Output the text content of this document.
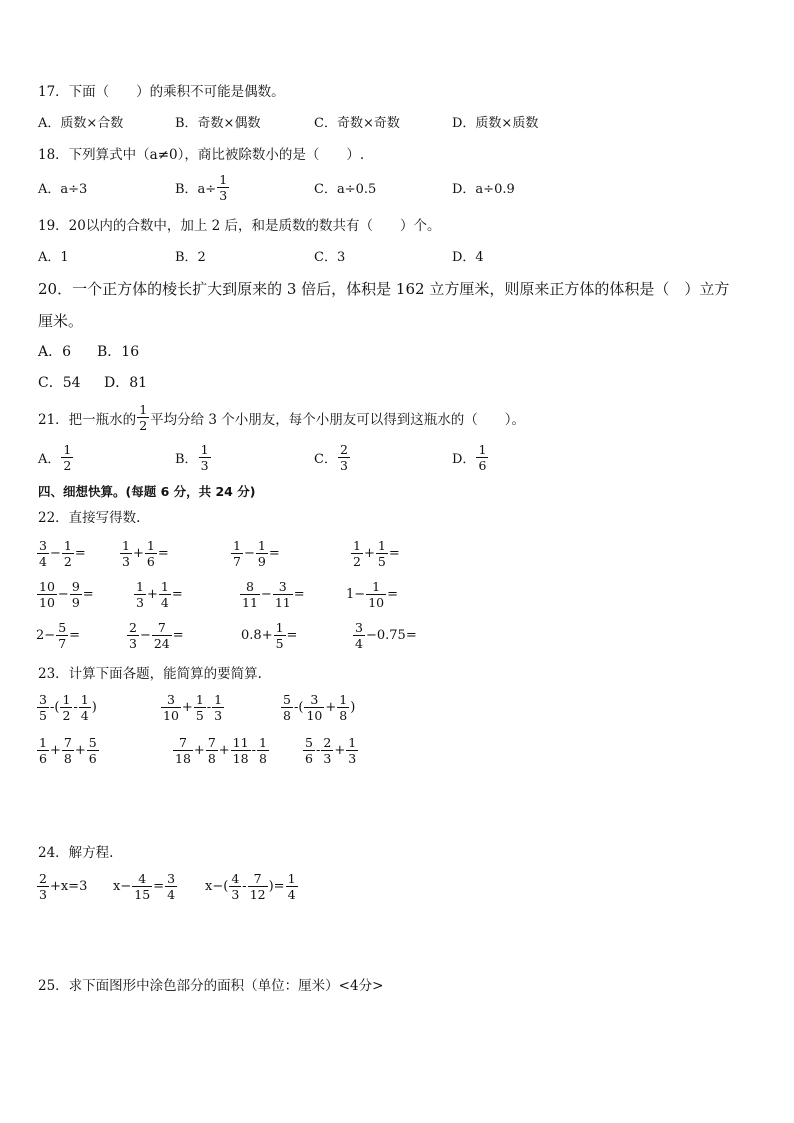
17．下面（　　）的乘积不可能是偶数。
A．质数×合数	B．奇数×偶数	C．奇数×奇数	D．质数×质数
18．下列算式中（a≠0），商比被除数小的是（　　）.
A．a÷3	B．$a\div \frac{1}{3}$	C．a÷0.5	D．a÷0.9
19．20以内的合数中，加上 2 后，和是质数的数共有（　　）个。
A．1	B．2	C．3	D．4
20．一个正方体的棱长扩大到原来的 3 倍后，体积是 162 立方厘米，则原来正方体的体积是（　）立方
厘米。
A．6 B．16
C．54 D．81
21．把一瓶水的 $\frac{1}{2}$ 平均分给 3 个小朋友，每个小朋友可以得到这瓶水的（　　）。
A． $\frac{1}{2}$	B． $\frac{1}{3}$	C． $\frac{2}{3}$	D． $\frac{1}{6}$
四、细想快算。(每题 6 分，共 24 分)
22．直接写得数.
$\frac{3}{4} - \frac{1}{2}$ =	$\frac{1}{3} + \frac{1}{6}$ =	$\frac{1}{7} - \frac{1}{9}$ =	$\frac{1}{2} + \frac{1}{5}$ =
$\frac{10}{10} - \frac{9}{9}$ =	$\frac{1}{3} + \frac{1}{4}$ =	$\frac{8}{11} - \frac{3}{11}$ =	$1 - \frac{1}{10}$ =
$2 - \frac{5}{7}$ =	$\frac{2}{3} - \frac{7}{24}$ =	$0.8 + \frac{1}{5}$ =	$\frac{3}{4} - 0.75$ =
23．计算下面各题，能简算的要简算.
$\frac{3}{5}$ - ( $\frac{1}{2} - \frac{1}{4}$ )	$\frac{3}{10} + \frac{1}{5} - \frac{1}{3}$	$\frac{5}{8}$ - ( $\frac{3}{10} + \frac{1}{8}$ )
$\frac{1}{6} + \frac{7}{8} + \frac{5}{6}$	$\frac{7}{18} + \frac{7}{8} + \frac{11}{18} - \frac{1}{8}$	$\frac{5}{6} - \frac{2}{3} + \frac{1}{3}$
24．解方程.
$\frac{2}{3} +x=3$ $x - \frac{4}{15} = \frac{3}{4}$ x − ( $\frac{4}{3} - \frac{7}{12}$ ) = $\frac{1}{4}$
25．求下面图形中涂色部分的面积（单位：厘米）<4分>
